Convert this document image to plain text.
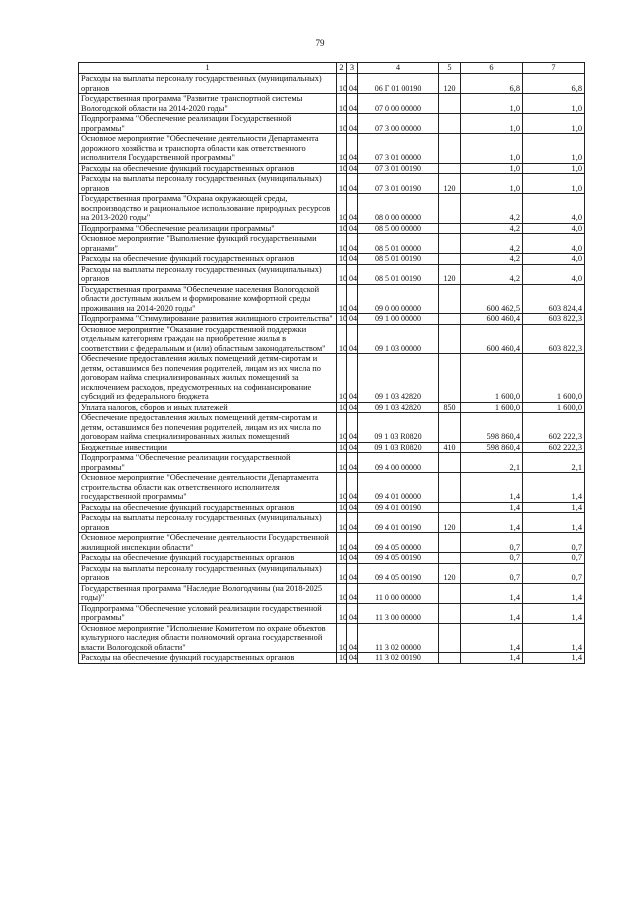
79
1	2	3	4	5	6	7
Расходы на выплаты персоналу государственных (муниципальных) органов	10	04	06 Г 01 00190	120	6,8	6,8
Государственная программа "Развитие транспортной системы Вологодской области на 2014-2020 годы"	10	04	07 0 00 00000		1,0	1,0
Подпрограмма "Обеспечение реализации Государственной программы"	10	04	07 3 00 00000		1,0	1,0
Основное мероприятие "Обеспечение деятельности Департамента дорожного хозяйства и транспорта области как ответственного исполнителя Государственной программы"	10	04	07 3 01 00000		1,0	1,0
Расходы на обеспечение функций государственных органов	10	04	07 3 01 00190		1,0	1,0
Расходы на выплаты персоналу государственных (муниципальных) органов	10	04	07 3 01 00190	120	1,0	1,0
Государственная программа "Охрана окружающей среды, воспроизводство и рациональное использование природных ресурсов на 2013-2020 годы"	10	04	08 0 00 00000		4,2	4,0
Подпрограмма "Обеспечение реализации программы"	10	04	08 5 00 00000		4,2	4,0
Основное мероприятие "Выполнение функций государственными органами"	10	04	08 5 01 00000		4,2	4,0
Расходы на обеспечение функций государственных органов	10	04	08 5 01 00190		4,2	4,0
Расходы на выплаты персоналу государственных (муниципальных) органов	10	04	08 5 01 00190	120	4,2	4,0
Государственная программа "Обеспечение населения Вологодской области доступным жильем и формирование комфортной среды проживания на 2014-2020 годы"	10	04	09 0 00 00000		600 462,5	603 824,4
Подпрограмма "Стимулирование развития жилищного строительства"	10	04	09 1 00 00000		600 460,4	603 822,3
Основное мероприятие "Оказание государственной поддержки отдельным категориям граждан на приобретение жилья в соответствии с федеральным и (или) областным законодательством"	10	04	09 1 03 00000		600 460,4	603 822,3
Обеспечение предоставления жилых помещений детям-сиротам и детям, оставшимся без попечения родителей, лицам из их числа по договорам найма специализированных жилых помещений за исключением расходов, предусмотренных на софинансирование субсидий из федерального бюджета	10	04	09 1 03 42820		1 600,0	1 600,0
Уплата налогов, сборов и иных платежей	10	04	09 1 03 42820	850	1 600,0	1 600,0
Обеспечение предоставления жилых помещений детям-сиротам и детям, оставшимся без попечения родителей, лицам из их числа по договорам найма специализированных жилых помещений	10	04	09 1 03 R0820		598 860,4	602 222,3
Бюджетные инвестиции	10	04	09 1 03 R0820	410	598 860,4	602 222,3
Подпрограмма "Обеспечение реализации государственной программы"	10	04	09 4 00 00000		2,1	2,1
Основное мероприятие "Обеспечение деятельности Департамента строительства области как ответственного исполнителя государственной программы"	10	04	09 4 01 00000		1,4	1,4
Расходы на обеспечение функций государственных органов	10	04	09 4 01 00190		1,4	1,4
Расходы на выплаты персоналу государственных (муниципальных) органов	10	04	09 4 01 00190	120	1,4	1,4
Основное мероприятие "Обеспечение деятельности Государственной жилищной инспекции области"	10	04	09 4 05 00000		0,7	0,7
Расходы на обеспечение функций государственных органов	10	04	09 4 05 00190		0,7	0,7
Расходы на выплаты персоналу государственных (муниципальных) органов	10	04	09 4 05 00190	120	0,7	0,7
Государственная программа "Наследие Вологодчины (на 2018-2025 годы)"	10	04	11 0 00 00000		1,4	1,4
Подпрограмма "Обеспечение условий реализации государственной программы"	10	04	11 3 00 00000		1,4	1,4
Основное мероприятие "Исполнение Комитетом по охране объектов культурного наследия области полномочий органа государственной власти Вологодской области"	10	04	11 3 02 00000		1,4	1,4
Расходы на обеспечение функций государственных органов	10	04	11 3 02 00190		1,4	1,4
